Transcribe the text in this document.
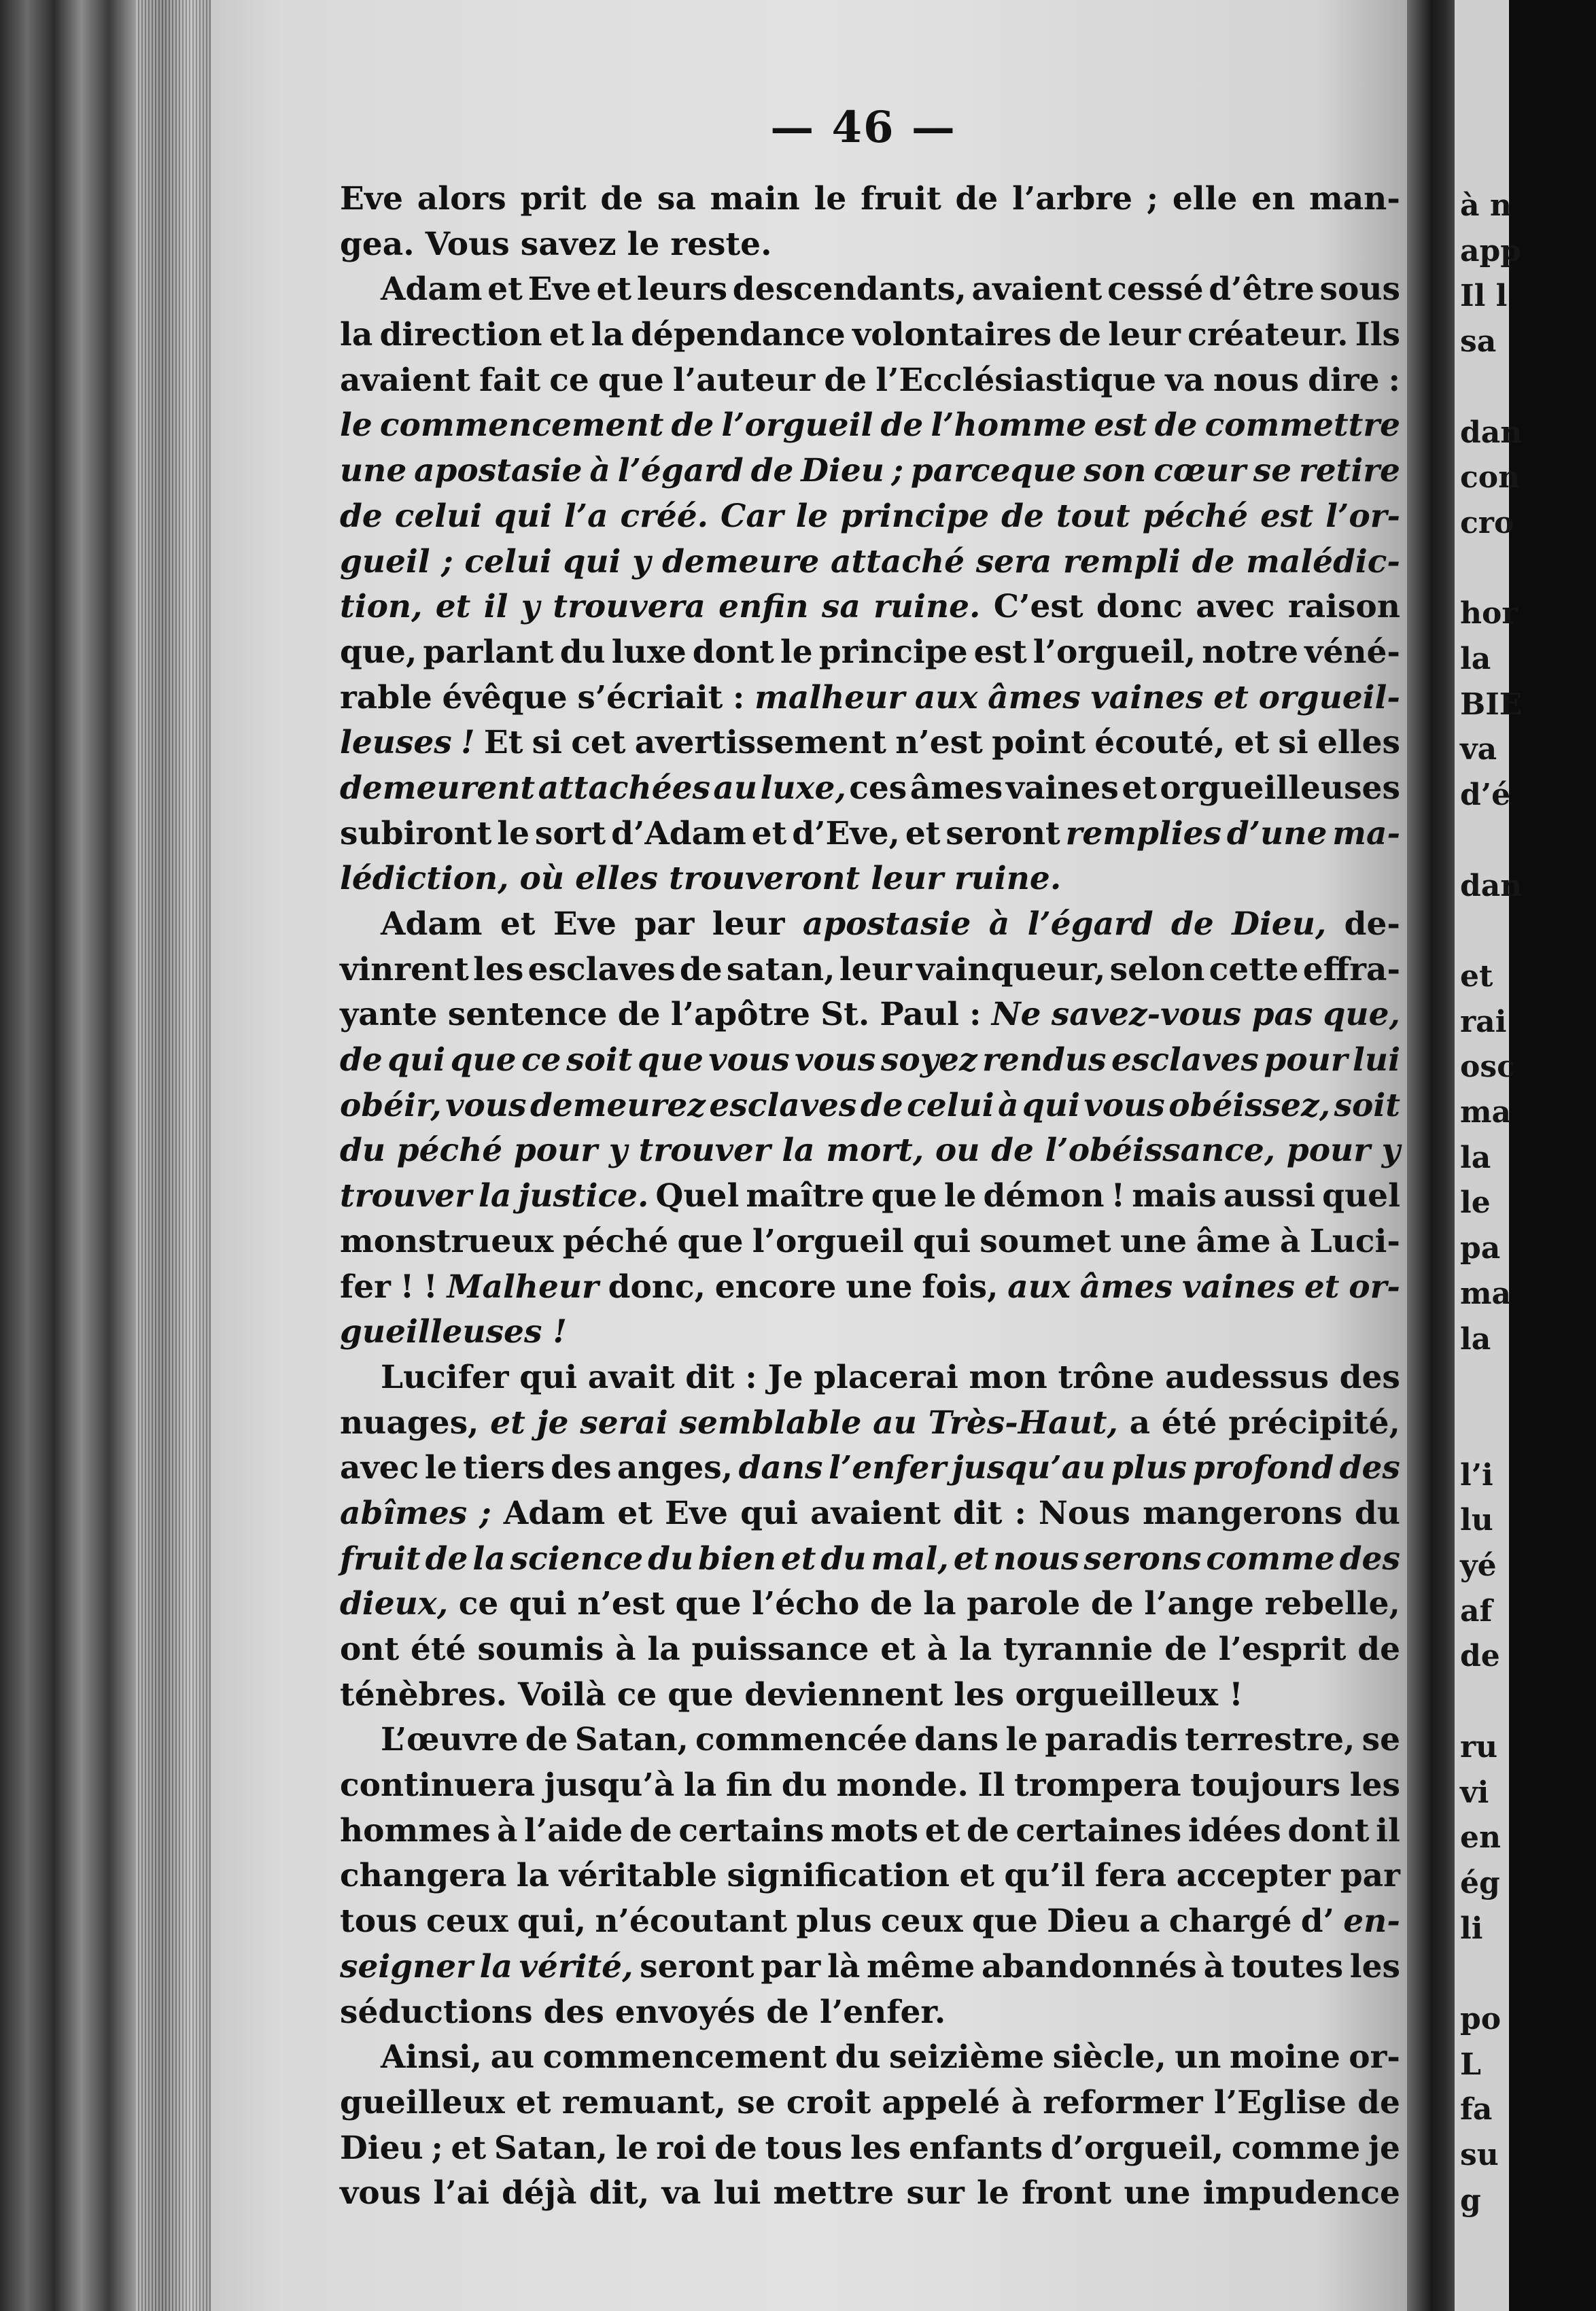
à n
app
Il l
sa
dan
con
cro
hor
la
BIE
va
d’é
dan
et
rai
osc
ma
la
le
pa
ma
la
l’i
lu
yé
af
de
ru
vi
en
ég
li
po
L
fa
su
g
— 46 —
Eve alors prit de sa main le fruit de l’arbre ; elle en man-
gea. Vous savez le reste.
Adam et Eve et leurs descendants, avaient cessé d’être sous
la direction et la dépendance volontaires de leur créateur. Ils
avaient fait ce que l’auteur de l’Ecclésiastique va nous dire :
le commencement de l’orgueil de l’homme est de commettre
une apostasie à l’égard de Dieu ; parceque son cœur se retire
de celui qui l’a créé. Car le principe de tout péché est l’or-
gueil ; celui qui y demeure attaché sera rempli de malédic-
tion, et il y trouvera enfin sa ruine. C’est donc avec raison
que, parlant du luxe dont le principe est l’orgueil, notre véné-
rable évêque s’écriait : malheur aux âmes vaines et orgueil-
leuses ! Et si cet avertissement n’est point écouté, et si elles
demeurent attachées au luxe, ces âmes vaines et orgueilleuses
subiront le sort d’Adam et d’Eve, et seront remplies d’une ma-
lédiction, où elles trouveront leur ruine.
Adam et Eve par leur apostasie à l’égard de Dieu, de-
vinrent les esclaves de satan, leur vainqueur, selon cette effra-
yante sentence de l’apôtre St. Paul : Ne savez-vous pas que,
de qui que ce soit que vous vous soyez rendus esclaves pour lui
obéir, vous demeurez esclaves de celui à qui vous obéissez, soit
du péché pour y trouver la mort, ou de l’obéissance, pour y
trouver la justice. Quel maître que le démon ! mais aussi quel
monstrueux péché que l’orgueil qui soumet une âme à Luci-
fer ! ! Malheur donc, encore une fois, aux âmes vaines et or-
gueilleuses !
Lucifer qui avait dit : Je placerai mon trône audessus des
nuages, et je serai semblable au Très-Haut, a été précipité,
avec le tiers des anges, dans l’enfer jusqu’au plus profond des
abîmes ; Adam et Eve qui avaient dit : Nous mangerons du
fruit de la science du bien et du mal, et nous serons comme des
dieux, ce qui n’est que l’écho de la parole de l’ange rebelle,
ont été soumis à la puissance et à la tyrannie de l’esprit de
ténèbres. Voilà ce que deviennent les orgueilleux !
L’œuvre de Satan, commencée dans le paradis terrestre, se
continuera jusqu’à la fin du monde. Il trompera toujours les
hommes à l’aide de certains mots et de certaines idées dont il
changera la véritable signification et qu’il fera accepter par
tous ceux qui, n’écoutant plus ceux que Dieu a chargé d’ en-
seigner la vérité, seront par là même abandonnés à toutes les
séductions des envoyés de l’enfer.
Ainsi, au commencement du seizième siècle, un moine or-
gueilleux et remuant, se croit appelé à reformer l’Eglise de
Dieu ; et Satan, le roi de tous les enfants d’orgueil, comme je
vous l’ai déjà dit, va lui mettre sur le front une impudence
